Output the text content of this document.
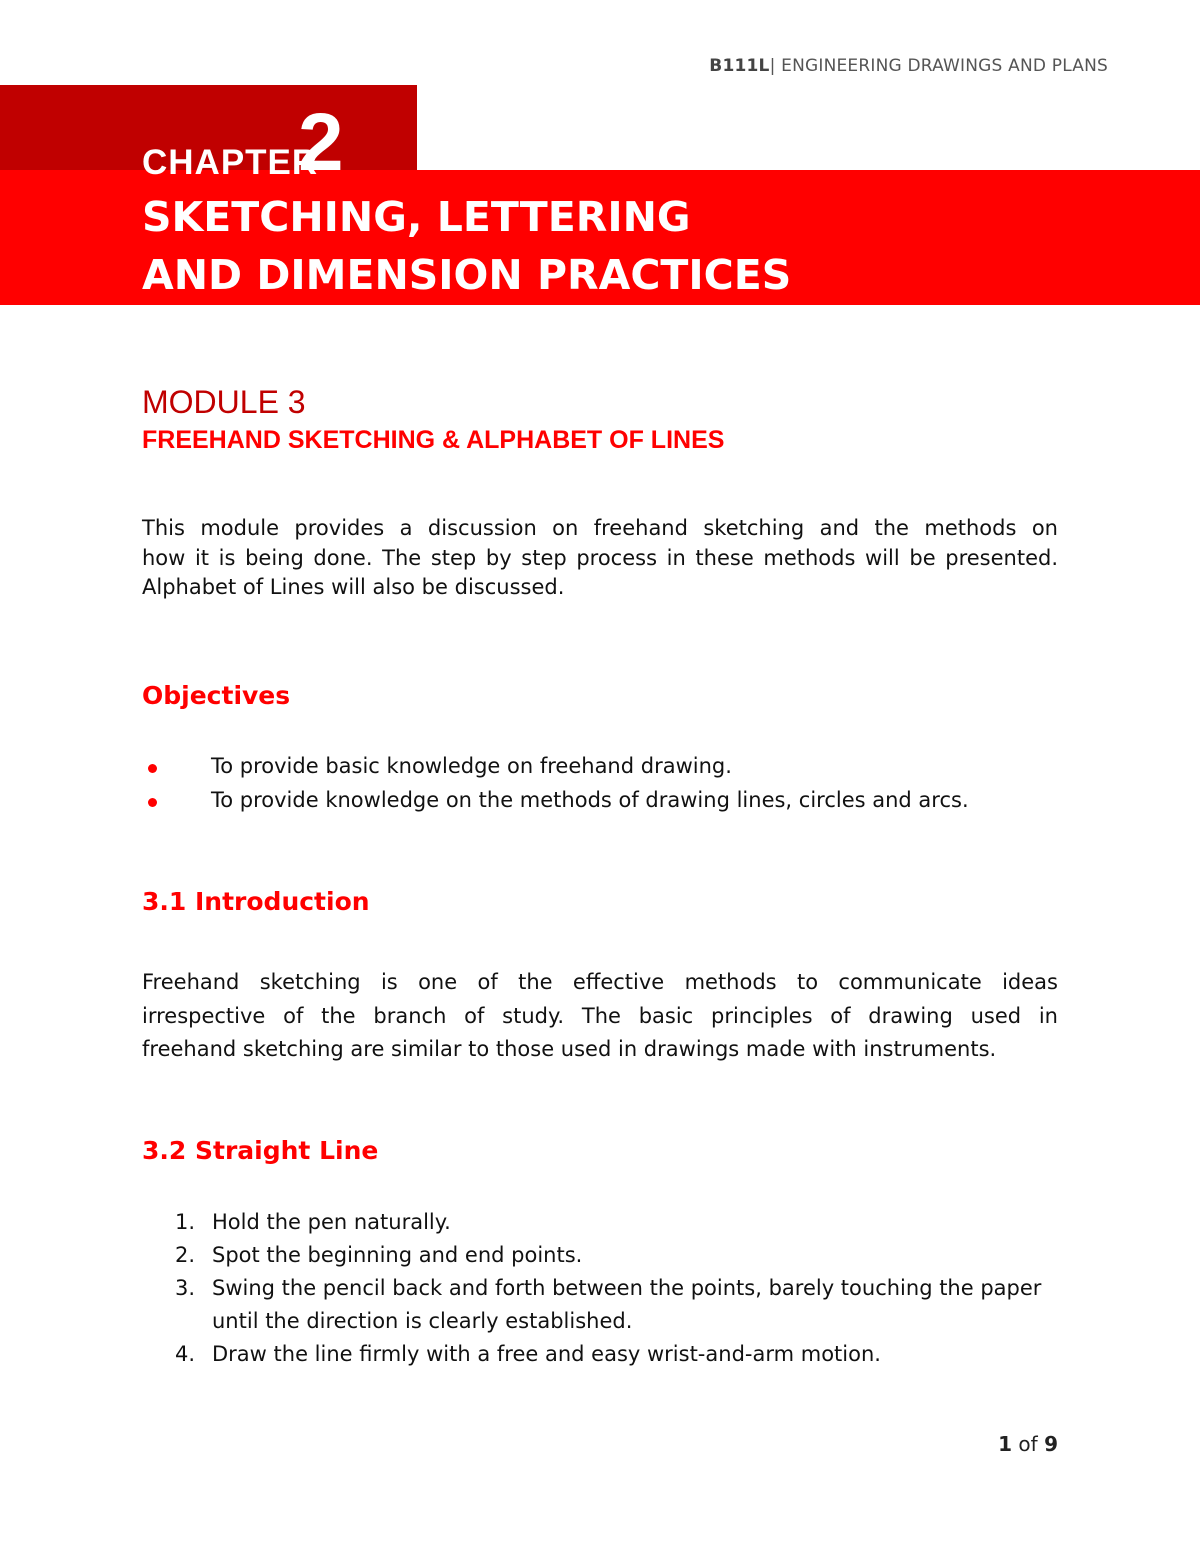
B111L| ENGINEERING DRAWINGS AND PLANS
CHAPTER
2
SKETCHING, LETTERING
AND DIMENSION PRACTICES
MODULE 3
FREEHAND SKETCHING & ALPHABET OF LINES
This module provides a discussion on freehand sketching and the methods on
how it is being done. The step by step process in these methods will be presented.
Alphabet of Lines will also be discussed.
Objectives
To provide basic knowledge on freehand drawing.
To provide knowledge on the methods of drawing lines, circles and arcs.
3.1 Introduction
Freehand sketching is one of the effective methods to communicate ideas
irrespective of the branch of study. The basic principles of drawing used in
freehand sketching are similar to those used in drawings made with instruments.
3.2 Straight Line
1. Hold the pen naturally.
2. Spot the beginning and end points.
3. Swing the pencil back and forth between the points, barely touching the paper until the direction is clearly established.
4. Draw the line firmly with a free and easy wrist-and-arm motion.
1 of 9
